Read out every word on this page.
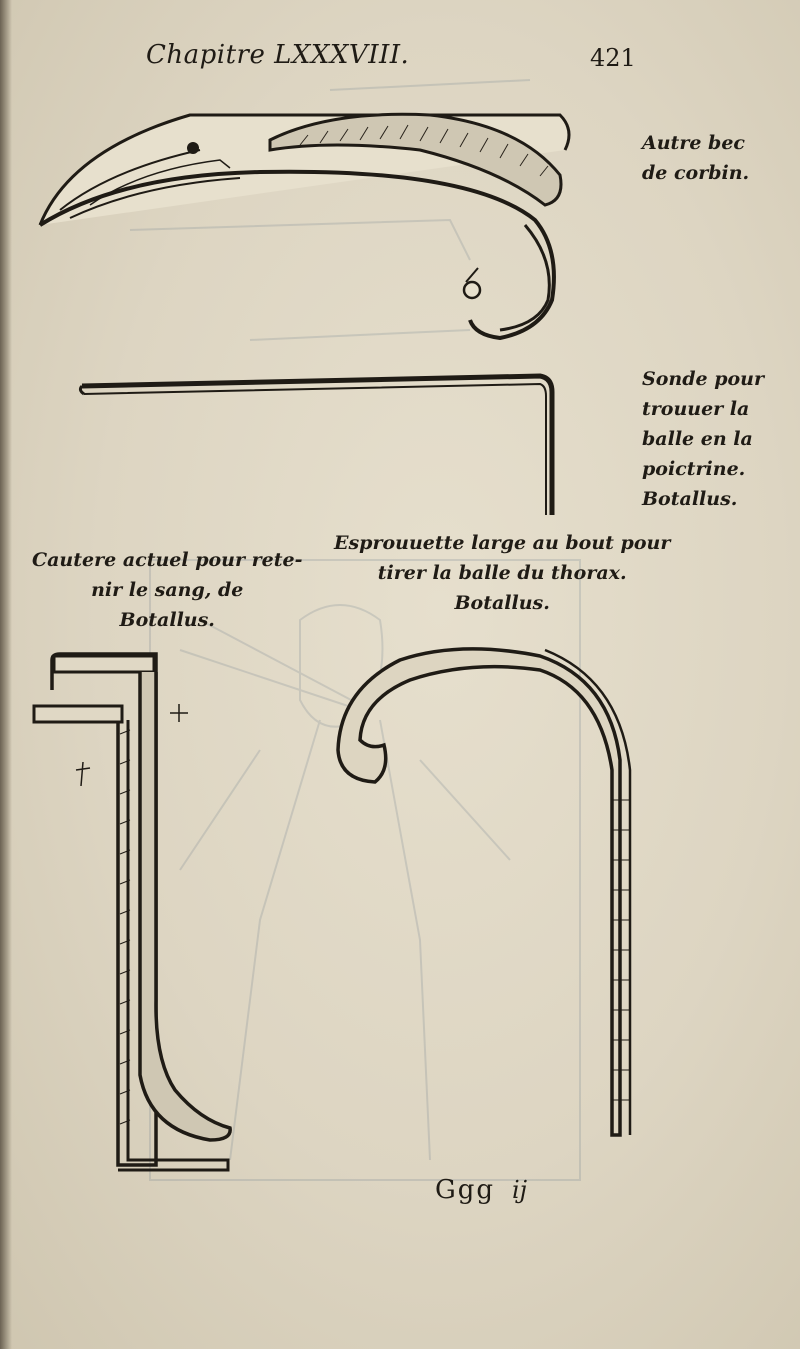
Chapitre LXXXVIII.	421
Autre bec
de corbin.
Sonde pour
trouuer la
balle en la
poictrine.
Botallus.
Cautere actuel pour rete-
nir le sang, de
Botallus.
Esprouuette large au bout pour
tirer la balle du thorax.
Botallus.
Ggg ij
